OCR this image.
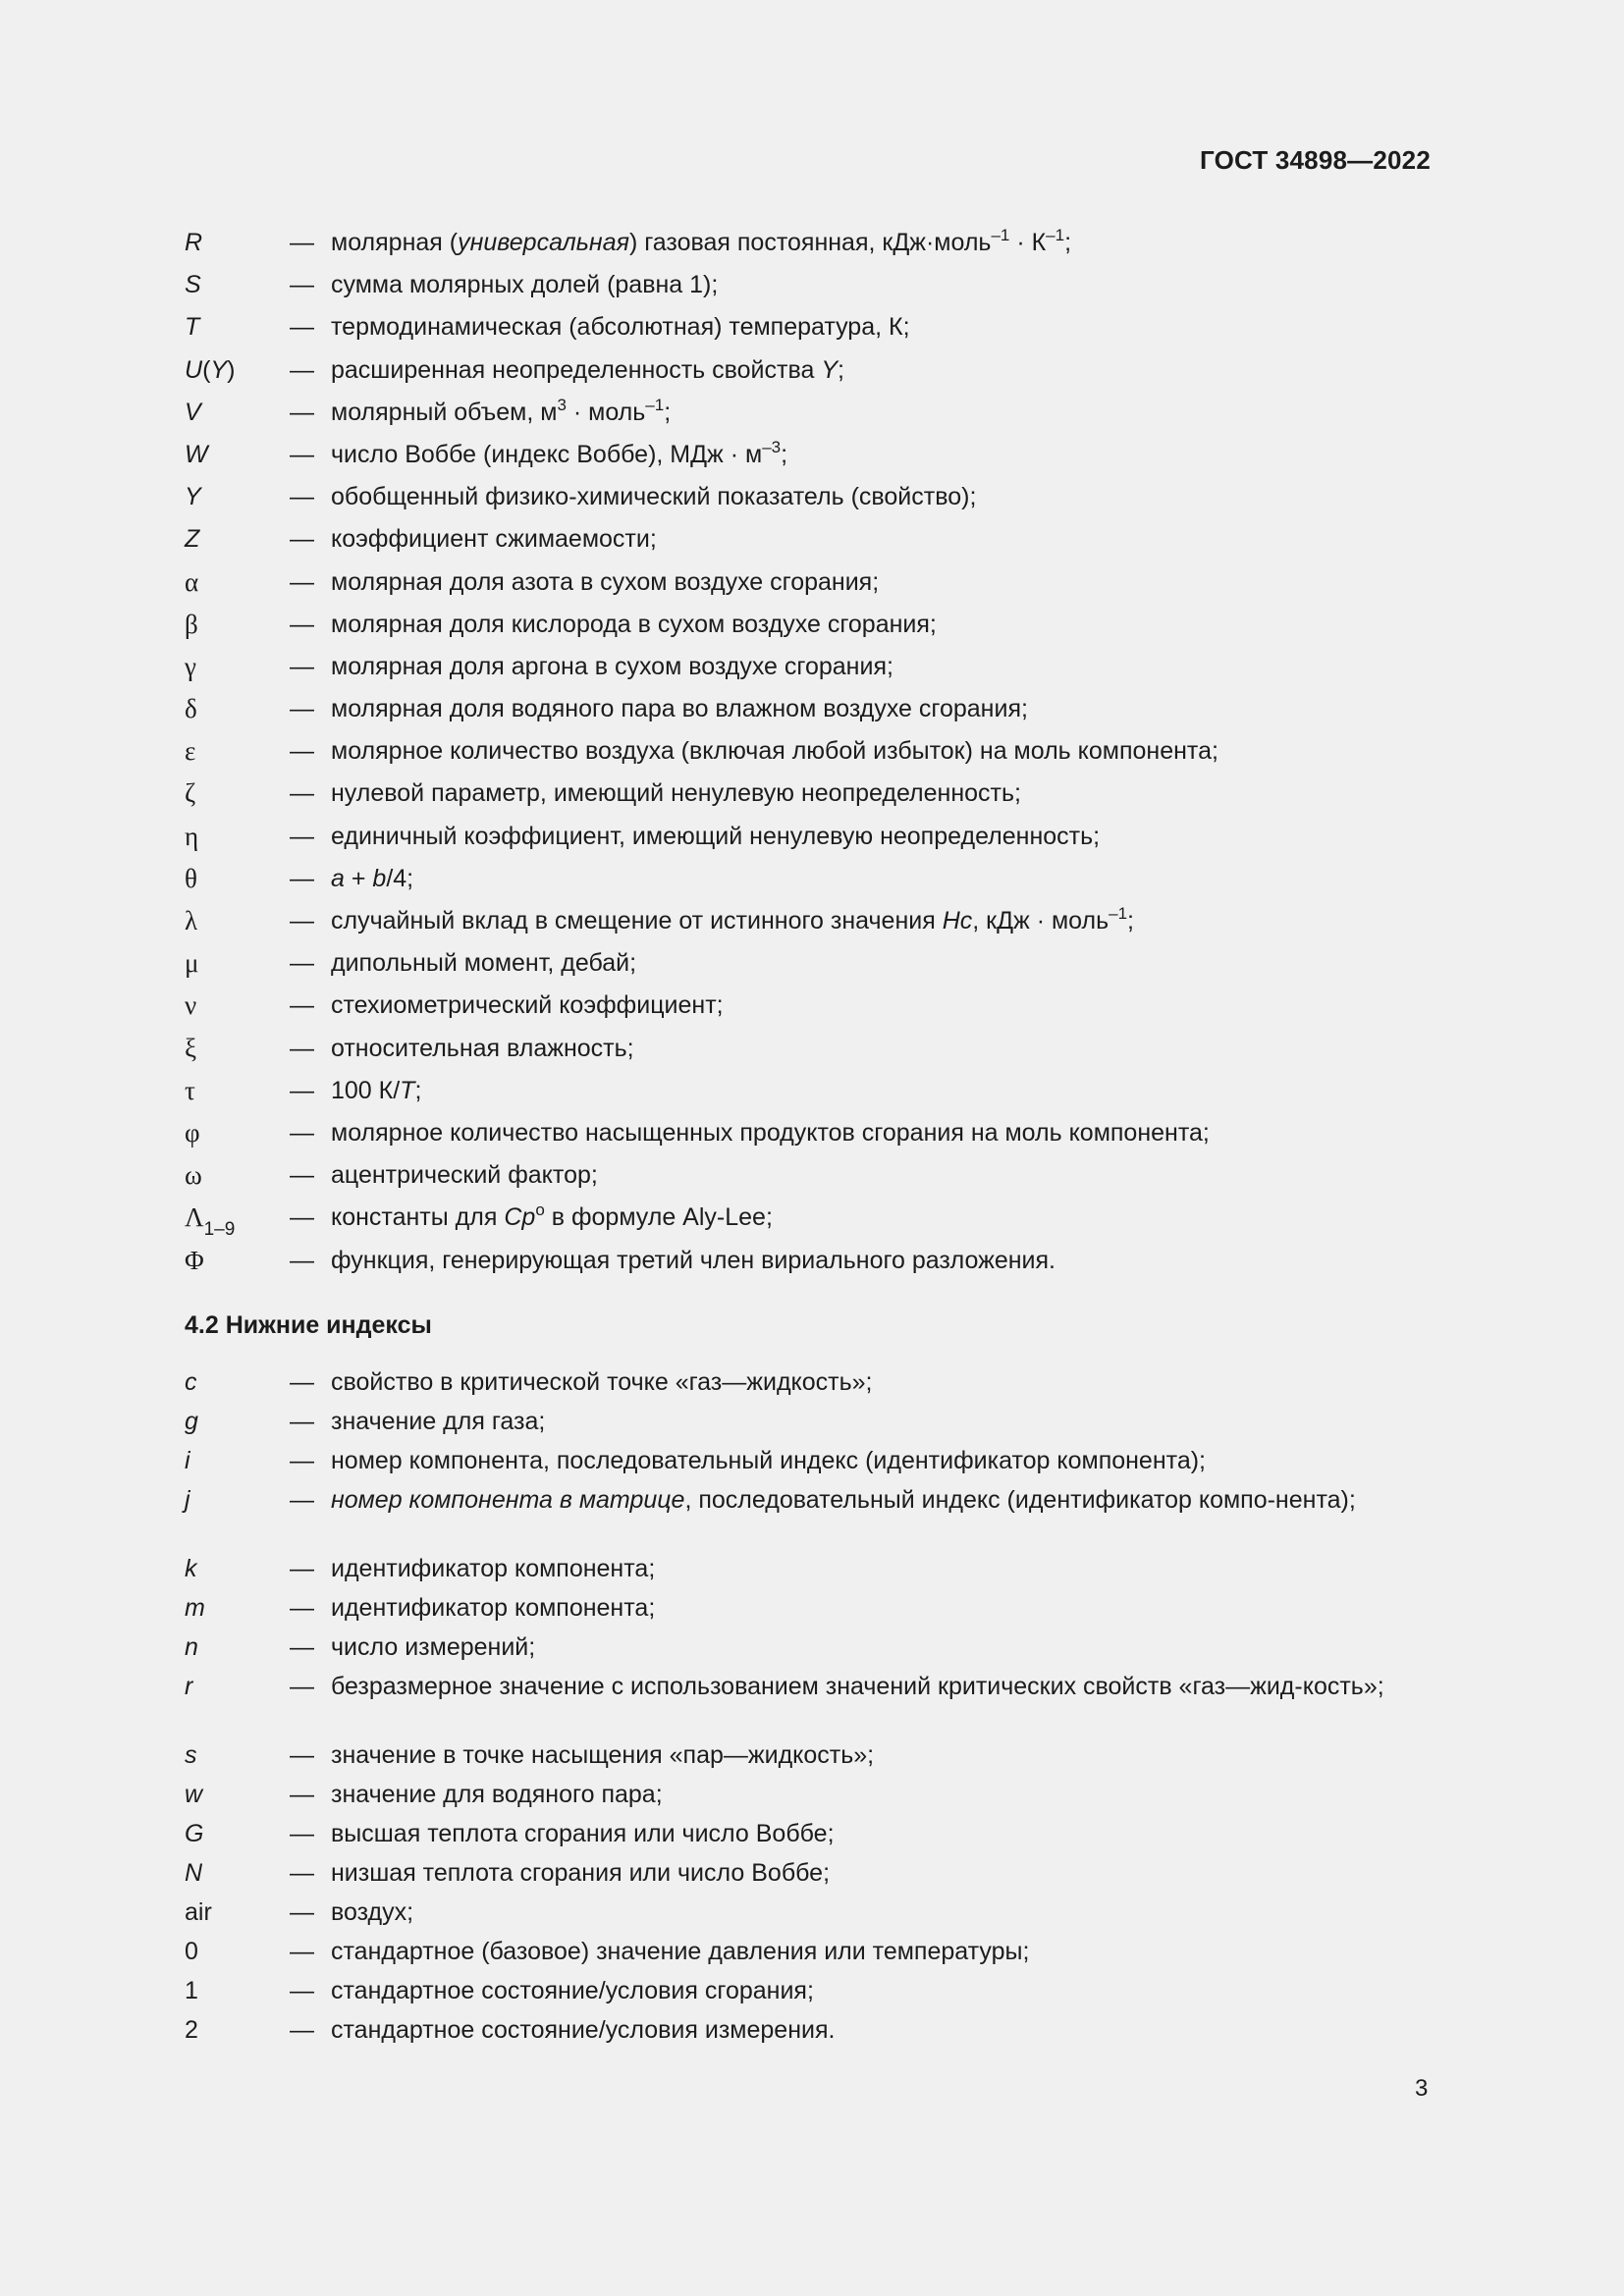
ГОСТ 34898—2022
R	— молярная (универсальная) газовая постоянная, кДж·моль$^{-1}$ · $К^{-1}$;
S	— сумма молярных долей (равна 1);
T	— термодинамическая (абсолютная) температура, К;
U(Y)	— расширенная неопределенность свойства Y;
V	— молярный объем, $м^3$ · моль$^{-1}$;
W	— число Воббе (индекс Воббе), МДж · $м^{-3}$;
Y	— обобщенный физико-химический показатель (свойство);
Z	— коэффициент сжимаемости;
α	— молярная доля азота в сухом воздухе сгорания;
β	— молярная доля кислорода в сухом воздухе сгорания;
γ	— молярная доля аргона в сухом воздухе сгорания;
δ	— молярная доля водяного пара во влажном воздухе сгорания;
ε	— молярное количество воздуха (включая любой избыток) на моль компонента;
ζ	— нулевой параметр, имеющий ненулевую неопределенность;
η	— единичный коэффициент, имеющий ненулевую неопределенность;
θ	— a + b/4;
λ	— случайный вклад в смещение от истинного значения Hc, кДж · моль$^{-1}$;
μ	— дипольный момент, дебай;
ν	— стехиометрический коэффициент;
ξ	— относительная влажность;
τ	— 100 К/T;
φ	— молярное количество насыщенных продуктов сгорания на моль компонента;
ω	— ацентрический фактор;
$\Lambda_{1-9}$	— константы для Cp$^o$ в формуле Aly-Lee;
Φ	— функция, генерирующая третий член вириального разложения.
4.2 Нижние индексы
c	— свойство в критической точке «газ—жидкость»;
g	— значение для газа;
i	— номер компонента, последовательный индекс (идентификатор компонента);
j	— номер компонента в матрице, последовательный индекс (идентификатор компо-нента);
k	— идентификатор компонента;
m	— идентификатор компонента;
n	— число измерений;
r	— безразмерное значение с использованием значений критических свойств «газ—жид-кость»;
s	— значение в точке насыщения «пар—жидкость»;
w	— значение для водяного пара;
G	— высшая теплота сгорания или число Воббе;
N	— низшая теплота сгорания или число Воббе;
air	— воздух;
0	— стандартное (базовое) значение давления или температуры;
1	— стандартное состояние/условия сгорания;
2	— стандартное состояние/условия измерения.
3
